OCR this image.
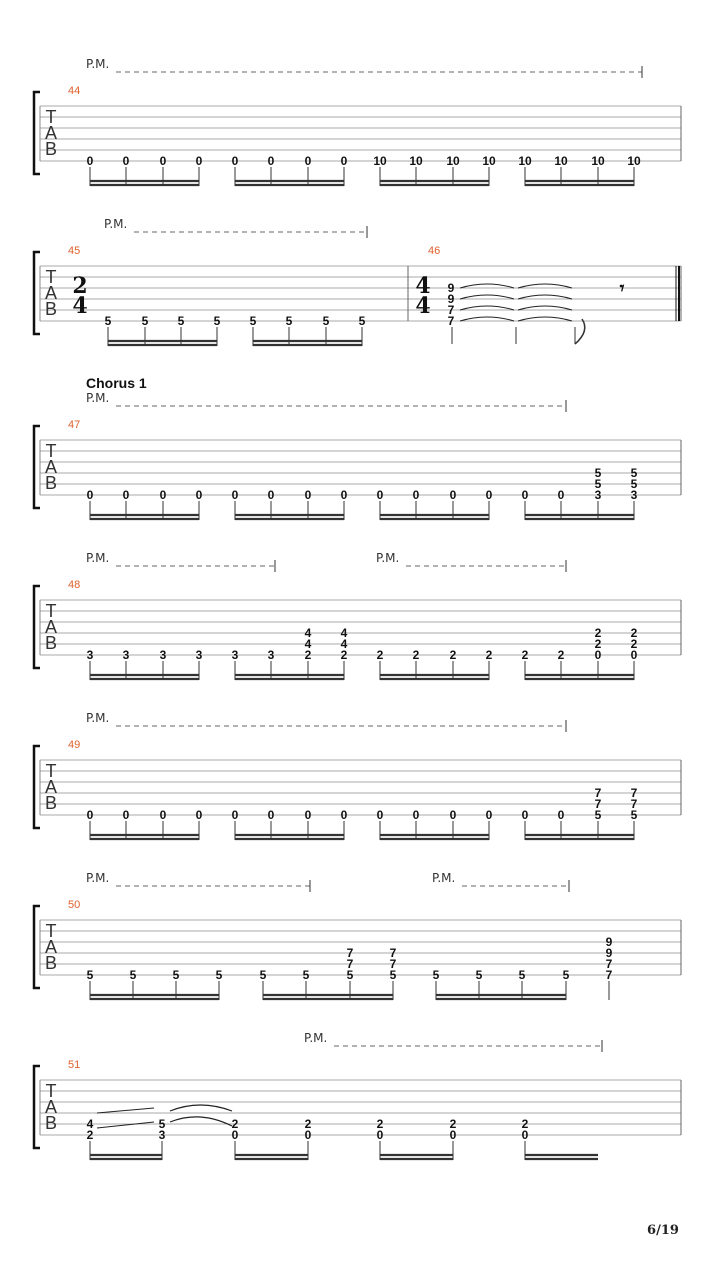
T
A
B
44
P.M.
0 0	0 0 0 0	0 0 10 10 10 10 10 10 10 10
T
A
B
45
P.M.
2
4
5	5 5 5 5 5	5 5
46
4
4
9
9
7
7
𝄾
T
A
B
47
Chorus 1
P.M.
0 0	0 0 0 0	0 0 0 0	0 0 0 0
5
5
3
5
5
3
T
A
B
48
P.M.	P.M.
3 3	3 3 3 3
4
4
2
4
4
2 2 2	2 2 2 2
2
2
0
2
2
0
T
A
B
49
P.M.
0 0	0 0 0 0	0 0 0 0	0 0 0 0
7
7
5
7
7
5
T
A
B
50
P.M.	P.M.
5	5	5	5	5	5
7
7
5
7
7
5	5	5	5	5
9
9
7
7
T
A
B
51
P.M.
4
2
5
3
2
0
2
0
2
0
2
0
2
0
6/19
